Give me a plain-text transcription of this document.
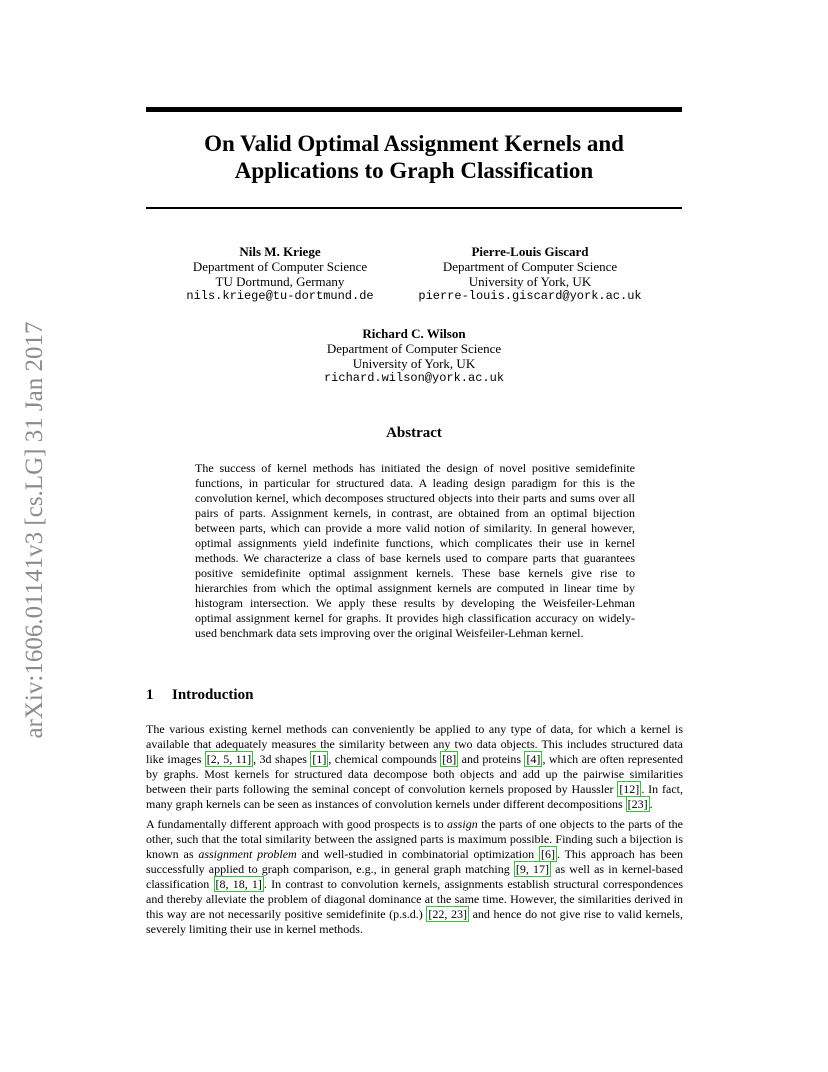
arXiv:1606.01141v3 [cs.LG] 31 Jan 2017
On Valid Optimal Assignment Kernels and
Applications to Graph Classification
Nils M. Kriege
Department of Computer Science
TU Dortmund, Germany
nils.kriege@tu-dortmund.de
Pierre-Louis Giscard
Department of Computer Science
University of York, UK
pierre-louis.giscard@york.ac.uk
Richard C. Wilson
Department of Computer Science
University of York, UK
richard.wilson@york.ac.uk
Abstract
The success of kernel methods has initiated the design of novel positive semidefinite functions, in particular for structured data. A leading design paradigm for this is the convolution kernel, which decomposes structured objects into their parts and sums over all pairs of parts. Assignment kernels, in contrast, are obtained from an optimal bijection between parts, which can provide a more valid notion of similarity. In general however, optimal assignments yield indefinite functions, which complicates their use in kernel methods. We characterize a class of base kernels used to compare parts that guarantees positive semidefinite optimal assignment kernels. These base kernels give rise to hierarchies from which the optimal assignment kernels are computed in linear time by histogram intersection. We apply these results by developing the Weisfeiler-Lehman optimal assignment kernel for graphs. It provides high classification accuracy on widely-used benchmark data sets improving over the original Weisfeiler-Lehman kernel.
1 Introduction

The various existing kernel methods can conveniently be applied to any type of data, for which a kernel is available that adequately measures the similarity between any two data objects. This includes structured data like images [2, 5, 11] , 3d shapes [1] , chemical compounds [8] and proteins [4] , which are often represented by graphs. Most kernels for structured data decompose both objects and add up the pairwise similarities between their parts following the seminal concept of convolution kernels proposed by Haussler [12] . In fact, many graph kernels can be seen as instances of convolution kernels under different decompositions [23] .

A fundamentally different approach with good prospects is to assign the parts of one objects to the parts of the other, such that the total similarity between the assigned parts is maximum possible. Finding such a bijection is known as assignment problem and well-studied in combinatorial optimization [6] . This approach has been successfully applied to graph comparison, e.g., in general graph matching [9, 17] as well as in kernel-based classification [8, 18, 1] . In contrast to convolution kernels, assignments establish structural correspondences and thereby alleviate the problem of diagonal dominance at the same time. However, the similarities derived in this way are not necessarily positive semidefinite (p.s.d.) [22, 23] and hence do not give rise to valid kernels, severely limiting their use in kernel methods.
